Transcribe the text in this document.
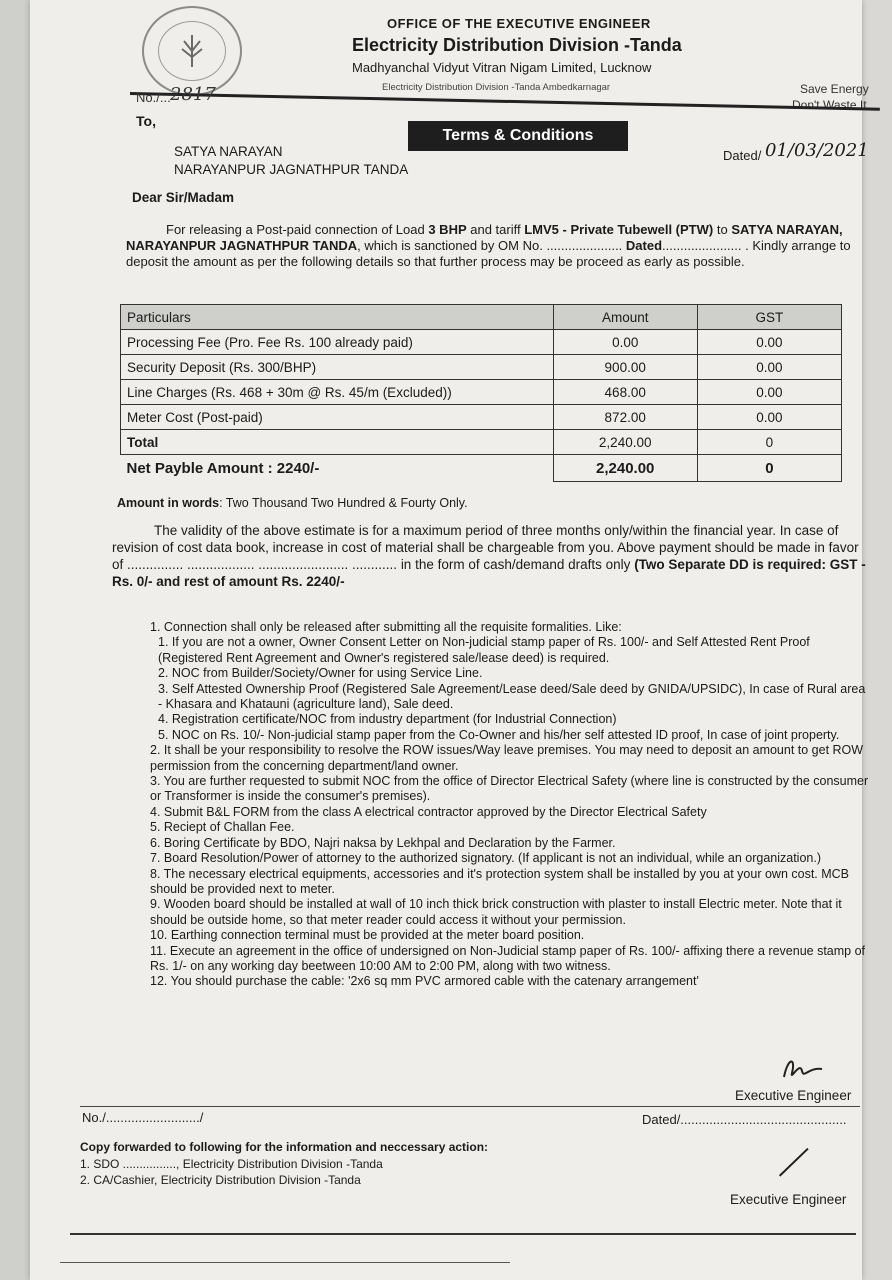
OFFICE OF THE EXECUTIVE ENGINEER
Electricity Distribution Division -Tanda
Madhyanchal Vidyut Vitran Nigam Limited, Lucknow
Electricity Distribution Division -Tanda Ambedkarnagar	Save Energy
Don't Waste It
No./... 2817
To,
Terms & Conditions
Dated/ 01/03/2021
SATYA NARAYAN
NARAYANPUR JAGNATHPUR TANDA
Dear Sir/Madam
For releasing a Post-paid connection of Load 3 BHP and tariff LMV5 - Private Tubewell (PTW) to SATYA NARAYAN, NARAYANPUR JAGNATHPUR TANDA, which is sanctioned by OM No. ..................... Dated...................... . Kindly arrange to deposit the amount as per the following details so that further process may be proceed as early as possible.
Particulars	Amount	GST
Processing Fee (Pro. Fee Rs. 100 already paid)	0.00	0.00
Security Deposit (Rs. 300/BHP)	900.00	0.00
Line Charges (Rs. 468 + 30m @ Rs. 45/m (Excluded))	468.00	0.00
Meter Cost (Post-paid)	872.00	0.00
Total	2,240.00	0
Net Payble Amount : 2240/-	2,240.00	0
Amount in words: Two Thousand Two Hundred & Fourty Only.
The validity of the above estimate is for a maximum period of three months only/within the financial year. In case of revision of cost data book, increase in cost of material shall be chargeable from you. Above payment should be made in favor of ............... .................. ........................ ............ in the form of cash/demand drafts only (Two Separate DD is required: GST - Rs. 0/- and rest of amount Rs. 2240/-
1. Connection shall only be released after submitting all the requisite formalities. Like:
1. If you are not a owner, Owner Consent Letter on Non-judicial stamp paper of Rs. 100/- and Self Attested Rent Proof (Registered Rent Agreement and Owner's registered sale/lease deed) is required.
2. NOC from Builder/Society/Owner for using Service Line.
3. Self Attested Ownership Proof (Registered Sale Agreement/Lease deed/Sale deed by GNIDA/UPSIDC), In case of Rural area - Khasara and Khatauni (agriculture land), Sale deed.
4. Registration certificate/NOC from industry department (for Industrial Connection)
5. NOC on Rs. 10/- Non-judicial stamp paper from the Co-Owner and his/her self attested ID proof, In case of joint property.
2. It shall be your responsibility to resolve the ROW issues/Way leave premises. You may need to deposit an amount to get ROW permission from the concerning department/land owner.
3. You are further requested to submit NOC from the office of Director Electrical Safety (where line is constructed by the consumer or Transformer is inside the consumer's premises).
4. Submit B&L FORM from the class A electrical contractor approved by the Director Electrical Safety
5. Reciept of Challan Fee.
6. Boring Certificate by BDO, Najri naksa by Lekhpal and Declaration by the Farmer.
7. Board Resolution/Power of attorney to the authorized signatory. (If applicant is not an individual, while an organization.)
8. The necessary electrical equipments, accessories and it's protection system shall be installed by you at your own cost. MCB should be provided next to meter.
9. Wooden board should be installed at wall of 10 inch thick brick construction with plaster to install Electric meter. Note that it should be outside home, so that meter reader could access it without your permission.
10. Earthing connection terminal must be provided at the meter board position.
11. Execute an agreement in the office of undersigned on Non-Judicial stamp paper of Rs. 100/- affixing there a revenue stamp of Rs. 1/- on any working day beetween 10:00 AM to 2:00 PM, along with two witness.
12. You should purchase the cable: '2x6 sq mm PVC armored cable with the catenary arrangement'
Executive Engineer
No./........................../	Dated/..............................................
Copy forwarded to following for the information and neccessary action:
1. SDO ................, Electricity Distribution Division -Tanda
2. CA/Cashier, Electricity Distribution Division -Tanda
Executive Engineer
